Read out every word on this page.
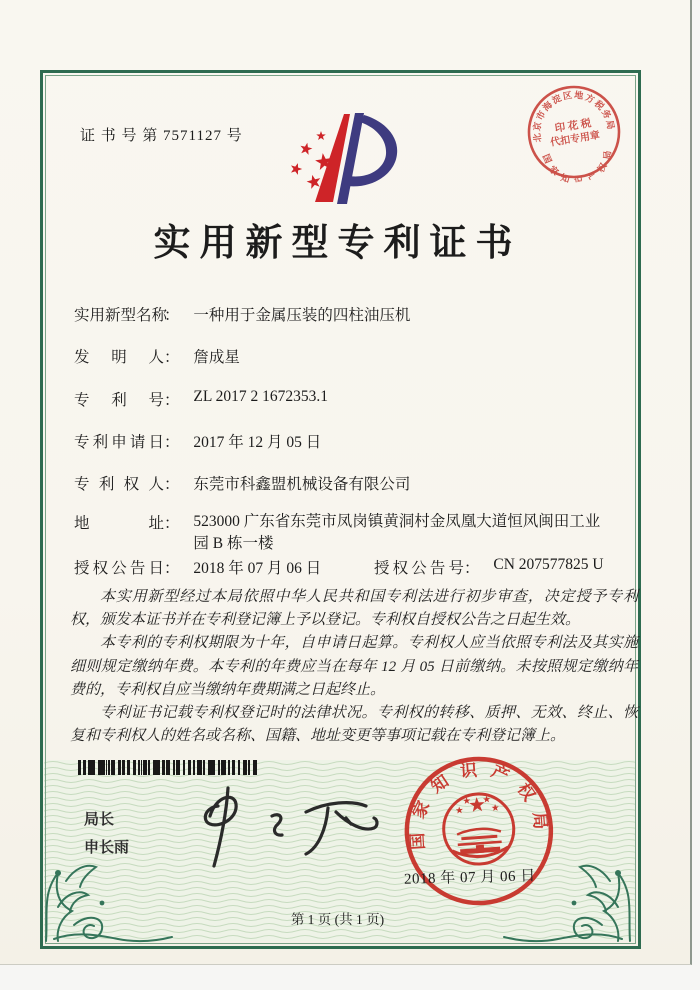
证 书 号 第 7571127 号
实用新型专利证书
北京市海淀区地方税务局
印 花 税
代扣专用章
国家知识产权局
实用新型名称： 一种用于金属压装的四柱油压机
发明人： 詹成星
专利号： ZL 2017 2 1672353.1
专利申请日： 2017 年 12 月 05 日
专利权人： 东莞市科鑫盟机械设备有限公司
地址： 523000 广东省东莞市凤岗镇黄洞村金凤凰大道恒风闽田工业园 B 栋一楼
授权公告日： 2018 年 07 月 06 日	授权公告号： CN 207577825 U

本实用新型经过本局依照中华人民共和国专利法进行初步审查，决定授予专利权，颁发本证书并在专利登记簿上予以登记。专利权自授权公告之日起生效。

本专利的专利权期限为十年，自申请日起算。专利权人应当依照专利法及其实施细则规定缴纳年费。本专利的年费应当在每年 12 月 05 日前缴纳。未按照规定缴纳年费的，专利权自应当缴纳年费期满之日起终止。

专利证书记载专利权登记时的法律状况。专利权的转移、质押、无效、终止、恢复和专利权人的姓名或名称、国籍、地址变更等事项记载在专利登记簿上。

局长
申长雨	国家知识产权局
2018 年 07 月 06 日
第 1 页 (共 1 页)
